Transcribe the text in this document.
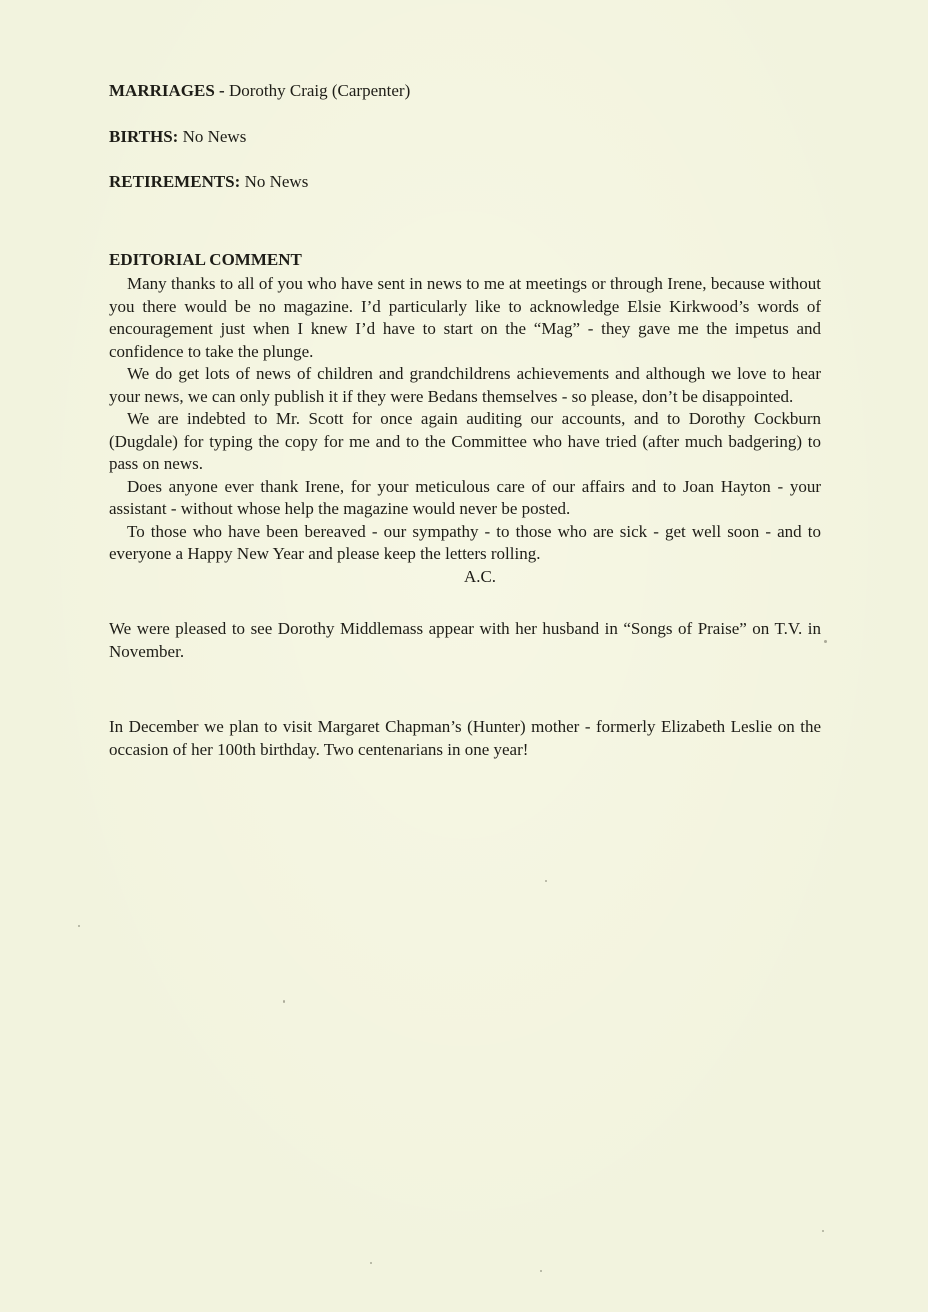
MARRIAGES - Dorothy Craig (Carpenter)

BIRTHS: No News

RETIREMENTS: No News

EDITORIAL COMMENT

Many thanks to all of you who have sent in news to me at meetings or through Irene, because without you there would be no magazine. I’d particularly like to acknowledge Elsie Kirkwood’s words of encouragement just when I knew I’d have to start on the “Mag” - they gave me the impetus and confidence to take the plunge.

We do get lots of news of children and grandchildrens achievements and although we love to hear your news, we can only publish it if they were Bedans themselves - so please, don’t be disappointed.

We are indebted to Mr. Scott for once again auditing our accounts, and to Dorothy Cockburn (Dugdale) for typing the copy for me and to the Committee who have tried (after much badgering) to pass on news.

Does anyone ever thank Irene, for your meticulous care of our affairs and to Joan Hayton - your assistant - without whose help the magazine would never be posted.

To those who have been bereaved - our sympathy - to those who are sick - get well soon - and to everyone a Happy New Year and please keep the letters rolling.

A.C.

We were pleased to see Dorothy Middlemass appear with her husband in “Songs of Praise” on T.V. in November.

In December we plan to visit Margaret Chapman’s (Hunter) mother - formerly Elizabeth Leslie on the occasion of her 100th birthday. Two centenarians in one year!
